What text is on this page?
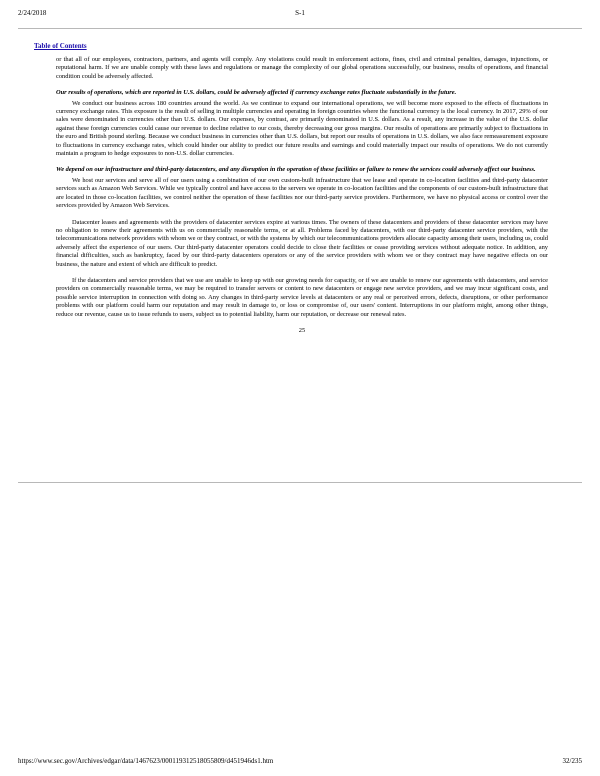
2/24/2018	S-1
Table of Contents

or that all of our employees, contractors, partners, and agents will comply. Any violations could result in enforcement actions, fines, civil and criminal penalties, damages, injunctions, or reputational harm. If we are unable comply with these laws and regulations or manage the complexity of our global operations successfully, our business, results of operations, and financial condition could be adversely affected.

Our results of operations, which are reported in U.S. dollars, could be adversely affected if currency exchange rates fluctuate substantially in the future.

We conduct our business across 180 countries around the world. As we continue to expand our international operations, we will become more exposed to the effects of fluctuations in currency exchange rates. This exposure is the result of selling in multiple currencies and operating in foreign countries where the functional currency is the local currency. In 2017, 29% of our sales were denominated in currencies other than U.S. dollars. Our expenses, by contrast, are primarily denominated in U.S. dollars. As a result, any increase in the value of the U.S. dollar against these foreign currencies could cause our revenue to decline relative to our costs, thereby decreasing our gross margins. Our results of operations are primarily subject to fluctuations in the euro and British pound sterling. Because we conduct business in currencies other than U.S. dollars, but report our results of operations in U.S. dollars, we also face remeasurement exposure to fluctuations in currency exchange rates, which could hinder our ability to predict our future results and earnings and could materially impact our results of operations. We do not currently maintain a program to hedge exposures to non-U.S. dollar currencies.

We depend on our infrastructure and third-party datacenters, and any disruption in the operation of these facilities or failure to renew the services could adversely affect our business.

We host our services and serve all of our users using a combination of our own custom-built infrastructure that we lease and operate in co-location facilities and third-party datacenter services such as Amazon Web Services. While we typically control and have access to the servers we operate in co-location facilities and the components of our custom-built infrastructure that are located in those co-location facilities, we control neither the operation of these facilities nor our third-party service providers. Furthermore, we have no physical access or control over the services provided by Amazon Web Services.

Datacenter leases and agreements with the providers of datacenter services expire at various times. The owners of these datacenters and providers of these datacenter services may have no obligation to renew their agreements with us on commercially reasonable terms, or at all. Problems faced by datacenters, with our third-party datacenter service providers, with the telecommunications network providers with whom we or they contract, or with the systems by which our telecommunications providers allocate capacity among their users, including us, could adversely affect the experience of our users. Our third-party datacenter operators could decide to close their facilities or cease providing services without adequate notice. In addition, any financial difficulties, such as bankruptcy, faced by our third-party datacenters operators or any of the service providers with whom we or they contract may have negative effects on our business, the nature and extent of which are difficult to predict.

If the datacenters and service providers that we use are unable to keep up with our growing needs for capacity, or if we are unable to renew our agreements with datacenters, and service providers on commercially reasonable terms, we may be required to transfer servers or content to new datacenters or engage new service providers, and we may incur significant costs, and possible service interruption in connection with doing so. Any changes in third-party service levels at datacenters or any real or perceived errors, defects, disruptions, or other performance problems with our platform could harm our reputation and may result in damage to, or loss or compromise of, our users' content. Interruptions in our platform might, among other things, reduce our revenue, cause us to issue refunds to users, subject us to potential liability, harm our reputation, or decrease our renewal rates.

25
https://www.sec.gov/Archives/edgar/data/1467623/000119312518055809/d451946ds1.htm	32/235
